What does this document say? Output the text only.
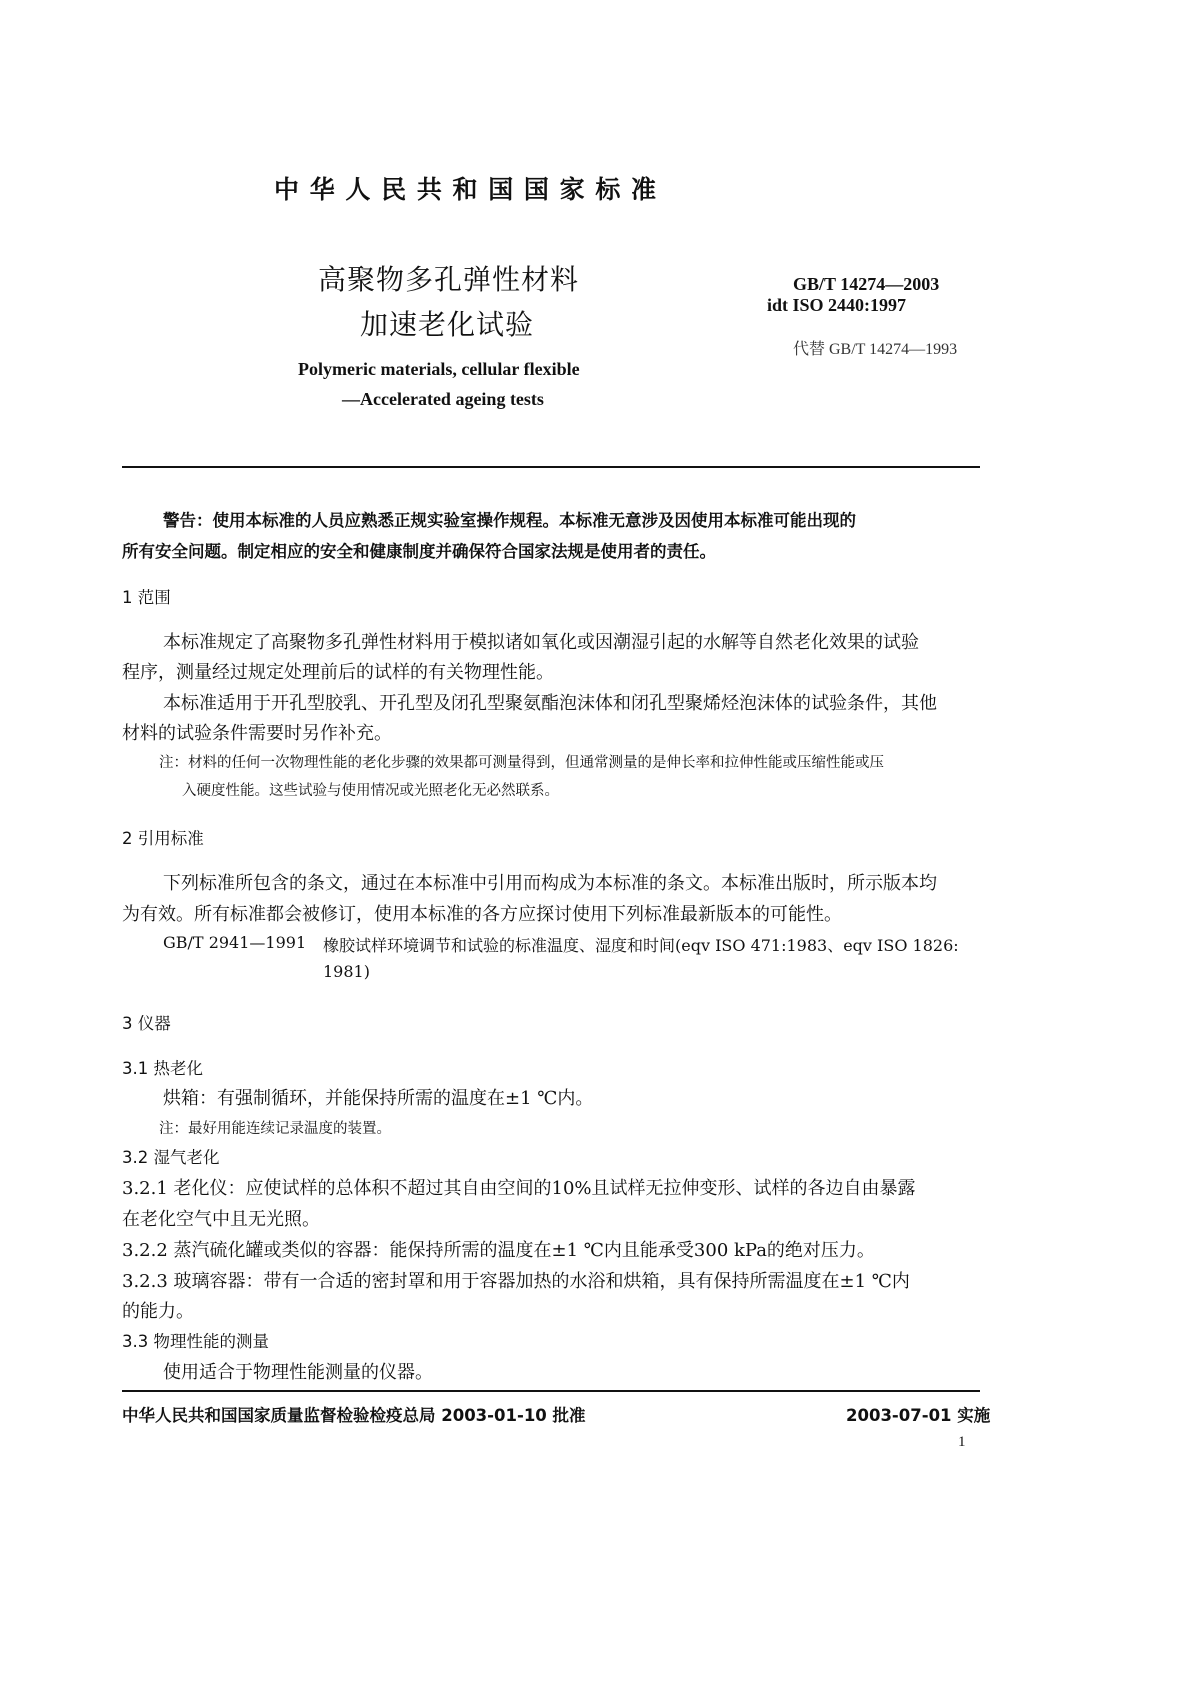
中 华 人 民 共 和 国 国 家 标 准
高聚物多孔弹性材料
加速老化试验
GB/T 14274—2003
idt ISO 2440:1997
代替 GB/T 14274—1993
Polymeric materials, cellular flexible
—Accelerated ageing tests
警告：使用本标准的人员应熟悉正规实验室操作规程。本标准无意涉及因使用本标准可能出现的
所有安全问题。制定相应的安全和健康制度并确保符合国家法规是使用者的责任。
1 范围
本标准规定了高聚物多孔弹性材料用于模拟诸如氧化或因潮湿引起的水解等自然老化效果的试验
程序，测量经过规定处理前后的试样的有关物理性能。
本标准适用于开孔型胶乳、开孔型及闭孔型聚氨酯泡沫体和闭孔型聚烯烃泡沫体的试验条件，其他
材料的试验条件需要时另作补充。
注：材料的任何一次物理性能的老化步骤的效果都可测量得到，但通常测量的是伸长率和拉伸性能或压缩性能或压
入硬度性能。这些试验与使用情况或光照老化无必然联系。
2 引用标准
下列标准所包含的条文，通过在本标准中引用而构成为本标准的条文。本标准出版时，所示版本均
为有效。所有标准都会被修订，使用本标准的各方应探讨使用下列标准最新版本的可能性。
GB/T 2941—1991 橡胶试样环境调节和试验的标准温度、湿度和时间(eqv ISO 471:1983、eqv ISO 1826:
1981)
3 仪器
3.1 热老化
烘箱：有强制循环，并能保持所需的温度在±1 ℃内。
注：最好用能连续记录温度的装置。
3.2 湿气老化
3.2.1 老化仪：应使试样的总体积不超过其自由空间的10%且试样无拉伸变形、试样的各边自由暴露
在老化空气中且无光照。
3.2.2 蒸汽硫化罐或类似的容器：能保持所需的温度在±1 ℃内且能承受300 kPa的绝对压力。
3.2.3 玻璃容器：带有一合适的密封罩和用于容器加热的水浴和烘箱，具有保持所需温度在±1 ℃内
的能力。
3.3 物理性能的测量
使用适合于物理性能测量的仪器。
中华人民共和国国家质量监督检验检疫总局 2003-01-10 批准	2003-07-01 实施
1
